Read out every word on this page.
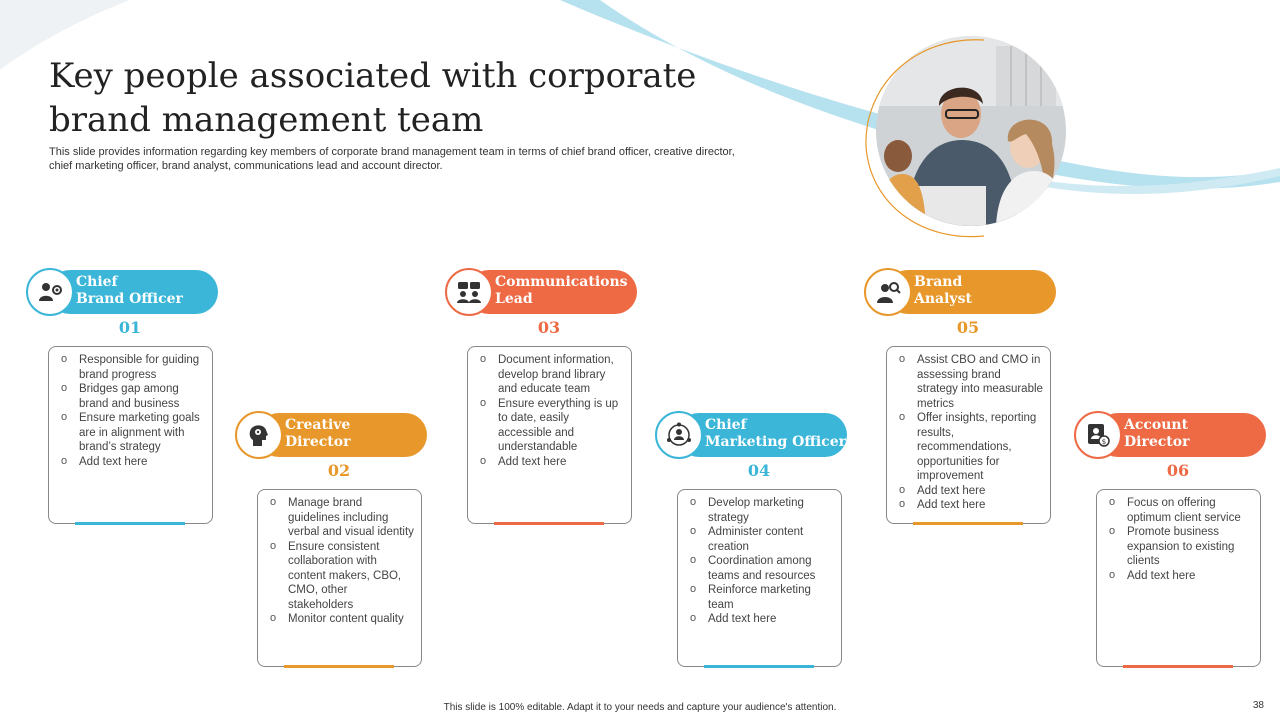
Key people associated with corporate brand management team

This slide provides information regarding key members of corporate brand management team in terms of chief brand officer, creative director, chief marketing officer, brand analyst, communications lead and account director.

Chief
Brand Officer
01
o Responsible for guiding brand progress
o Bridges gap among brand and business
o Ensure marketing goals are in alignment with brand’s strategy
o Add text here
Creative
Director
02
o Manage brand guidelines including verbal and visual identity
o Ensure consistent collaboration with content makers, CBO, CMO, other stakeholders
o Monitor content quality
Communications
Lead
03
o Document information, develop brand library and educate team
o Ensure everything is up to date, easily accessible and understandable
o Add text here
Chief
Marketing Officer
04
o Develop marketing strategy
o Administer content creation
o Coordination among teams and resources
o Reinforce marketing team
o Add text here
Brand
Analyst
05
o Assist CBO and CMO in assessing brand strategy into measurable metrics
o Offer insights, reporting results, recommendations, opportunities for improvement
o Add text here
o Add text here
$
Account
Director
06
o Focus on offering optimum client service
o Promote business expansion to existing clients
o Add text here
This slide is 100% editable. Adapt it to your needs and capture your audience's attention.	38
